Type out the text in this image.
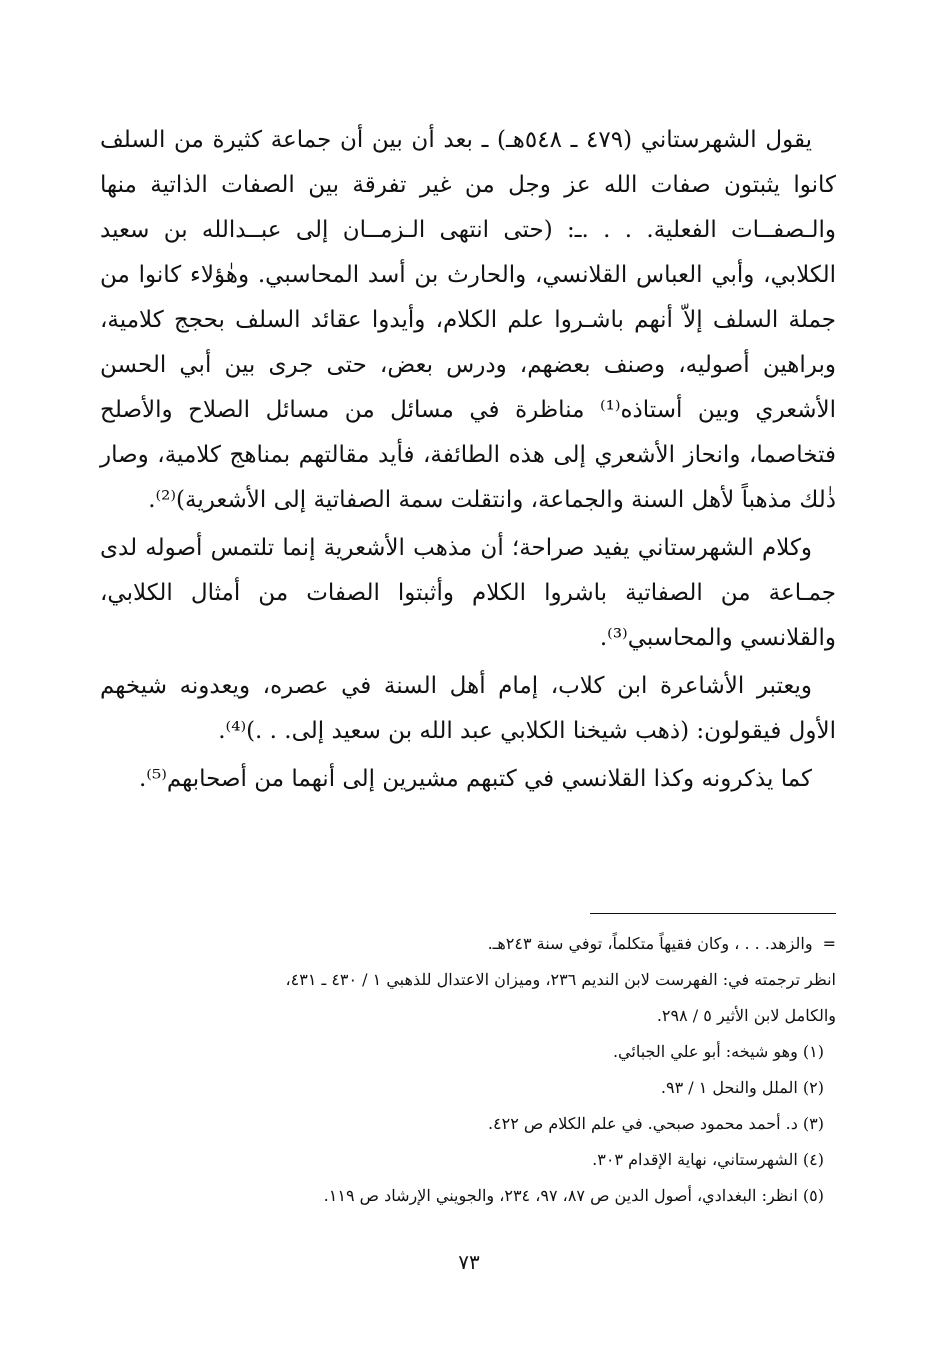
يقول الشهرستاني (٤٧٩ ـ ٥٤٨هـ) ـ بعد أن بين أن جماعة كثيرة من السلف كانوا يثبتون صفات الله عز وجل من غير تفرقة بين الصفات الذاتية منها والـصفــات الفعلية. . . .ـ: (حتى انتهى الـزمــان إلى عبــدالله بن سعيد الكلابي، وأبي العباس القلانسي، والحارث بن أسد المحاسبي. وهٰؤلاء كانوا من جملة السلف إلاّ أنهم باشـروا علم الكلام، وأيدوا عقائد السلف بحجج كلامية، وبراهين أصوليه، وصنف بعضهم، ودرس بعض، حتى جرى بين أبي الحسن الأشعري وبين أستاذه⁽¹⁾ مناظرة في مسائل من مسائل الصلاح والأصلح فتخاصما، وانحاز الأشعري إلى هذه الطائفة، فأيد مقالتهم بمناهج كلامية، وصار ذٰلك مذهباً لأهل السنة والجماعة، وانتقلت سمة الصفاتية إلى الأشعرية)⁽²⁾.

وكلام الشهرستاني يفيد صراحة؛ أن مذهب الأشعرية إنما تلتمس أصوله لدى جمـاعة من الصفاتية باشروا الكلام وأثبتوا الصفات من أمثال الكلابي، والقلانسي والمحاسبي⁽³⁾.

ويعتبر الأشاعرة ابن كلاب، إمام أهل السنة في عصره، ويعدونه شيخهم الأول فيقولون: (ذهب شيخنا الكلابي عبد الله بن سعيد إلى. . .)⁽⁴⁾.

كما يذكرونه وكذا القلانسي في كتبهم مشيرين إلى أنهما من أصحابهم⁽⁵⁾.

=والزهد. . . ، وكان فقيهاً متكلماً، توفي سنة ٢٤٣هـ.

انظر ترجمته في: الفهرست لابن النديم ٢٣٦، وميزان الاعتدال للذهبي ١ / ٤٣٠ ـ ٤٣١،

والكامل لابن الأثير ٥ / ٢٩٨.

(١) وهو شيخه: أبو علي الجبائي.

(٢) الملل والنحل ١ / ٩٣.

(٣) د. أحمد محمود صبحي. في علم الكلام ص ٤٢٢.

(٤) الشهرستاني، نهاية الإقدام ٣٠٣.

(٥) انظر: البغدادي، أصول الدين ص ٨٧، ٩٧، ٢٣٤، والجويني الإرشاد ص ١١٩.

٧٣
